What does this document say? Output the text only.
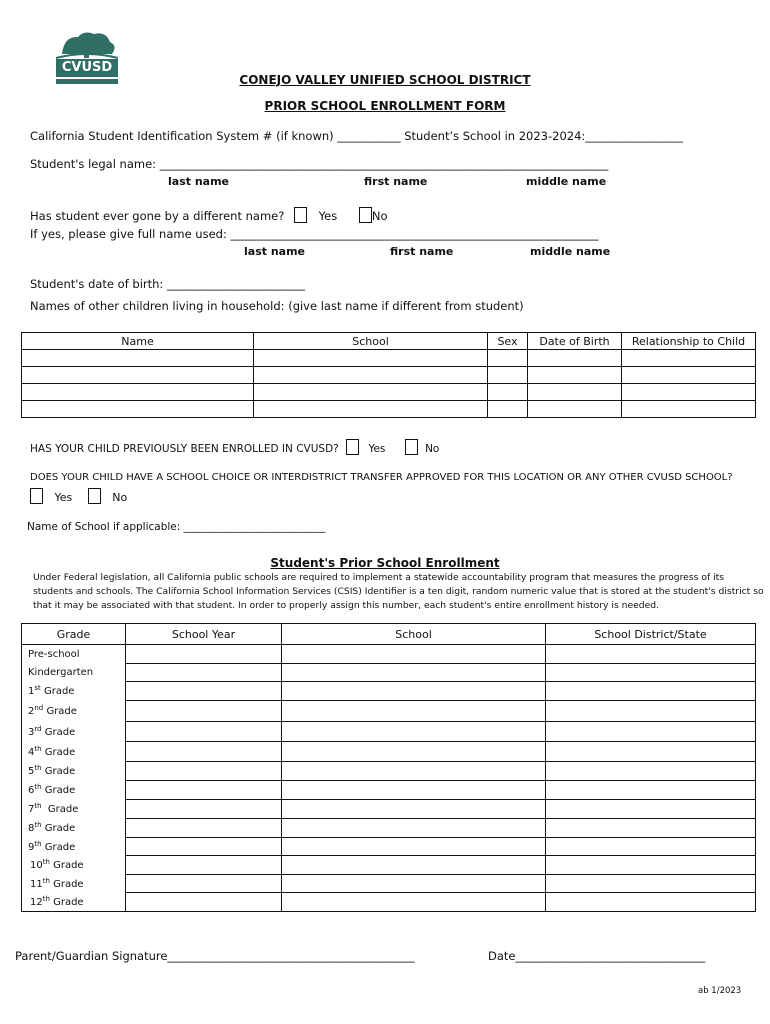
CVUSD
CONEJO VALLEY UNIFIED SCHOOL DISTRICT
PRIOR SCHOOL ENROLLMENT FORM
California Student Identification System # (if known) ___________ Student’s School in 2023-2024:_________________
Student's legal name: ______________________________________________________________________________
last name	first name	middle name
Has student ever gone by a different name?	Yes	No
If yes, please give full name used: ________________________________________________________________
last name	first name	middle name
Student's date of birth: ________________________
Names of other children living in household: (give last name if different from student)
Name	School	Sex	Date of Birth	Relationship to Child

HAS YOUR CHILD PREVIOUSLY BEEN ENROLLED IN CVUSD?	Yes	No
DOES YOUR CHILD HAVE A SCHOOL CHOICE OR INTERDISTRICT TRANSFER APPROVED FOR THIS LOCATION OR ANY OTHER CVUSD SCHOOL?
Yes	No
Name of School if applicable: ___________________________
Student's Prior School Enrollment
Under Federal legislation, all California public schools are required to implement a statewide accountability program that measures the progress of its
students and schools. The California School Information Services (CSIS) Identifier is a ten digit, random numeric value that is stored at the student's district so
that it may be associated with that student. In order to properly assign this number, each student's entire enrollment history is needed.
Grade	School Year	School	School District/State
Pre-school			
Kindergarten			
1st Grade			
2nd Grade			
3rd Grade			
4th Grade			
5th Grade			
6th Grade			
7th  Grade			
8th Grade			
9th Grade			
10th Grade			
11th Grade			
12th Grade			
Parent/Guardian Signature___________________________________________	Date_________________________________
ab 1/2023
